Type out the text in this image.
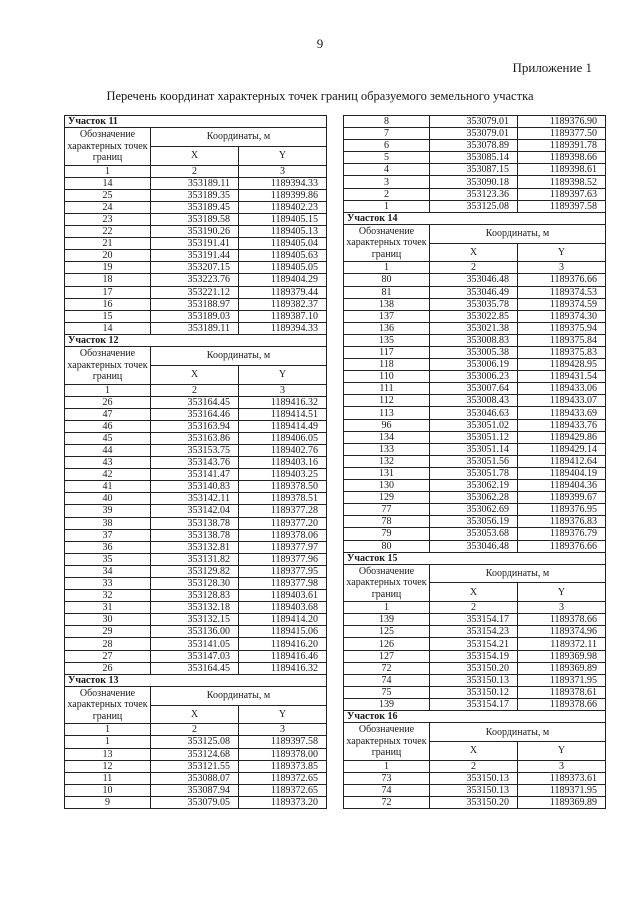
9
Приложение 1
Перечень координат характерных точек границ образуемого земельного участка
Участок 11		
Обозначение характерных точек границ	Координаты, м	
	X	Y
1	2	3
14	353189.11	1189394.33
25	353189.35	1189399.86
24	353189.45	1189402.23
23	353189.58	1189405.15
22	353190.26	1189405.13
21	353191.41	1189405.04
20	353191.44	1189405.63
19	353207.15	1189405.05
18	353223.76	1189404.29
17	353221.12	1189379.44
16	353188.97	1189382.37
15	353189.03	1189387.10
14	353189.11	1189394.33
Участок 12		
Обозначение характерных точек границ	Координаты, м	
	X	Y
1	2	3
26	353164.45	1189416.32
47	353164.46	1189414.51
46	353163.94	1189414.49
45	353163.86	1189406.05
44	353153.75	1189402.76
43	353143.76	1189403.16
42	353141.47	1189403.25
41	353140.83	1189378.50
40	353142.11	1189378.51
39	353142.04	1189377.28
38	353138.78	1189377.20
37	353138.78	1189378.06
36	353132.81	1189377.97
35	353131.82	1189377.96
34	353129.82	1189377.95
33	353128.30	1189377.98
32	353128.83	1189403.61
31	353132.18	1189403.68
30	353132.15	1189414.20
29	353136.00	1189415.06
28	353141.05	1189416.20
27	353147.03	1189416.46
26	353164.45	1189416.32
Участок 13		
Обозначение характерных точек границ	Координаты, м	
	X	Y
1	2	3
1	353125.08	1189397.58
13	353124.68	1189378.00
12	353121.55	1189373.85
11	353088.07	1189372.65
10	353087.94	1189372.65
9	353079.05	1189373.20
8	353079.01	1189376.90
7	353079.01	1189377.50
6	353078.89	1189391.78
5	353085.14	1189398.66
4	353087.15	1189398.61
3	353090.18	1189398.52
2	353123.36	1189397.63
1	353125.08	1189397.58
Участок 14		
Обозначение характерных точек границ	Координаты, м	
	X	Y
1	2	3
80	353046.48	1189376.66
81	353046.49	1189374.53
138	353035.78	1189374.59
137	353022.85	1189374.30
136	353021.38	1189375.94
135	353008.83	1189375.84
117	353005.38	1189375.83
118	353006.19	1189428.95
110	353006.23	1189431.54
111	353007.64	1189433.06
112	353008.43	1189433.07
113	353046.63	1189433.69
96	353051.02	1189433.76
134	353051.12	1189429.86
133	353051.14	1189429.14
132	353051.56	1189412.64
131	353051.78	1189404.19
130	353062.19	1189404.36
129	353062.28	1189399.67
77	353062.69	1189376.95
78	353056.19	1189376.83
79	353053.68	1189376.79
80	353046.48	1189376.66
Участок 15		
Обозначение характерных точек границ	Координаты, м	
	X	Y
1	2	3
139	353154.17	1189378.66
125	353154.23	1189374.96
126	353154.21	1189372.11
127	353154.19	1189369.98
72	353150.20	1189369.89
74	353150.13	1189371.95
75	353150.12	1189378.61
139	353154.17	1189378.66
Участок 16		
Обозначение характерных точек границ	Координаты, м	
	X	Y
1	2	3
73	353150.13	1189373.61
74	353150.13	1189371.95
72	353150.20	1189369.89
